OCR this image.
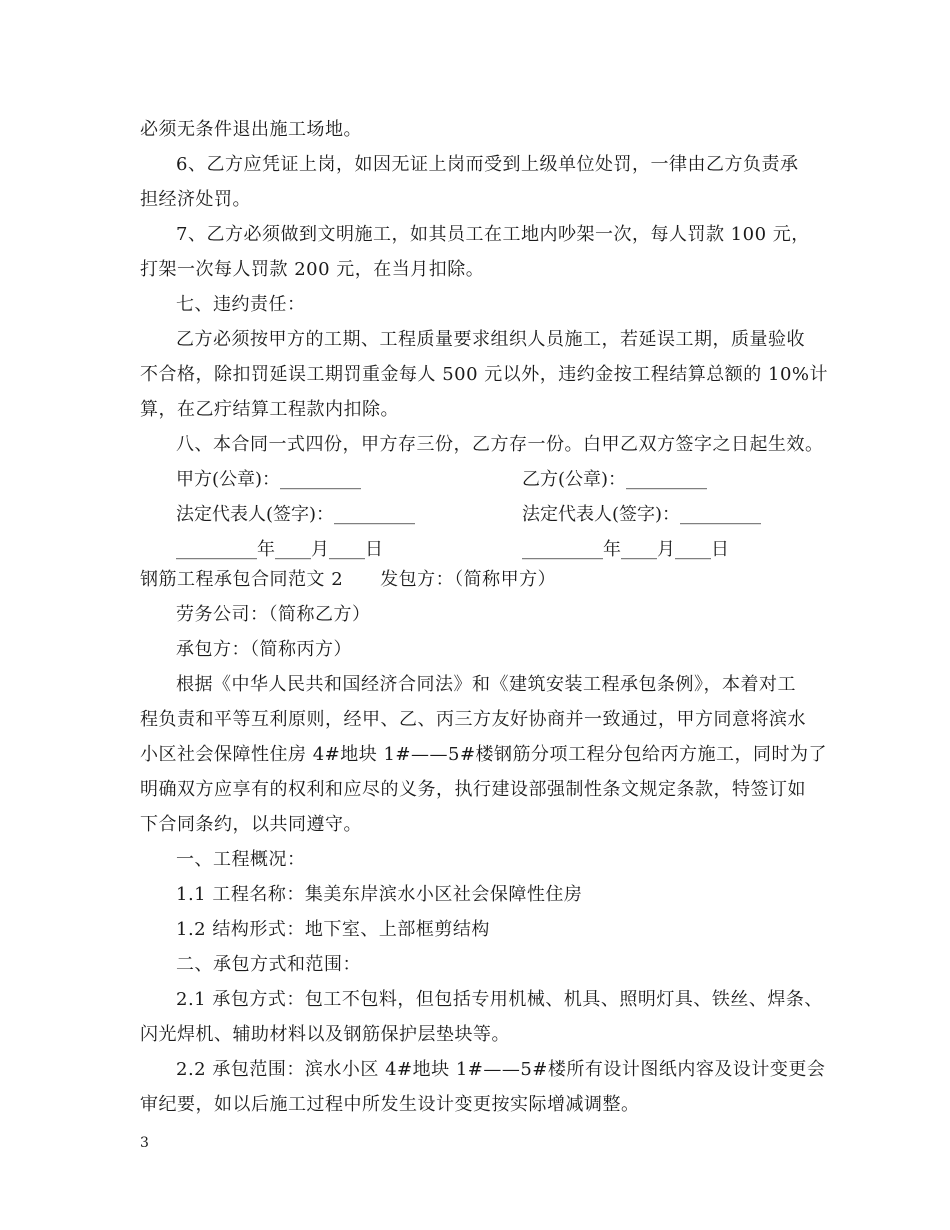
必须无条件退出施工场地。
6、乙方应凭证上岗，如因无证上岗而受到上级单位处罚，一律由乙方负责承
担经济处罚。
7、乙方必须做到文明施工，如其员工在工地内吵架一次，每人罚款 100 元，
打架一次每人罚款 200 元，在当月扣除。
七、违约责任：
乙方必须按甲方的工期、工程质量要求组织人员施工，若延误工期，质量验收
不合格，除扣罚延误工期罚重金每人 500 元以外，违约金按工程结算总额的 10%计
算，在乙疔结算工程款内扣除。
八、本合同一式四份，甲方存三份，乙方存一份。白甲乙双方签字之日起生效。
甲方(公章)：_________	乙方(公章)：_________
法定代表人(签字)：_________	法定代表人(签字)：_________
_________年____月____日	_________年____月____日
钢筋工程承包合同范文 2　　发包方：（简称甲方）
劳务公司：（简称乙方）
承包方：（简称丙方）
根据《中华人民共和国经济合同法》和《建筑安装工程承包条例》，本着对工
程负责和平等互利原则，经甲、乙、丙三方友好协商并一致通过，甲方同意将滨水
小区社会保障性住房 4#地块 1#——5#楼钢筋分项工程分包给丙方施工，同时为了
明确双方应享有的权利和应尽的义务，执行建设部强制性条文规定条款，特签订如
下合同条约，以共同遵守。
一、工程概况：
1.1 工程名称：集美东岸滨水小区社会保障性住房
1.2 结构形式：地下室、上部框剪结构
二、承包方式和范围：
2.1 承包方式：包工不包料，但包括专用机械、机具、照明灯具、铁丝、焊条、
闪光焊机、辅助材料以及钢筋保护层垫块等。
2.2 承包范围：滨水小区 4#地块 1#——5#楼所有设计图纸内容及设计变更会
审纪要，如以后施工过程中所发生设计变更按实际增减调整。
3
